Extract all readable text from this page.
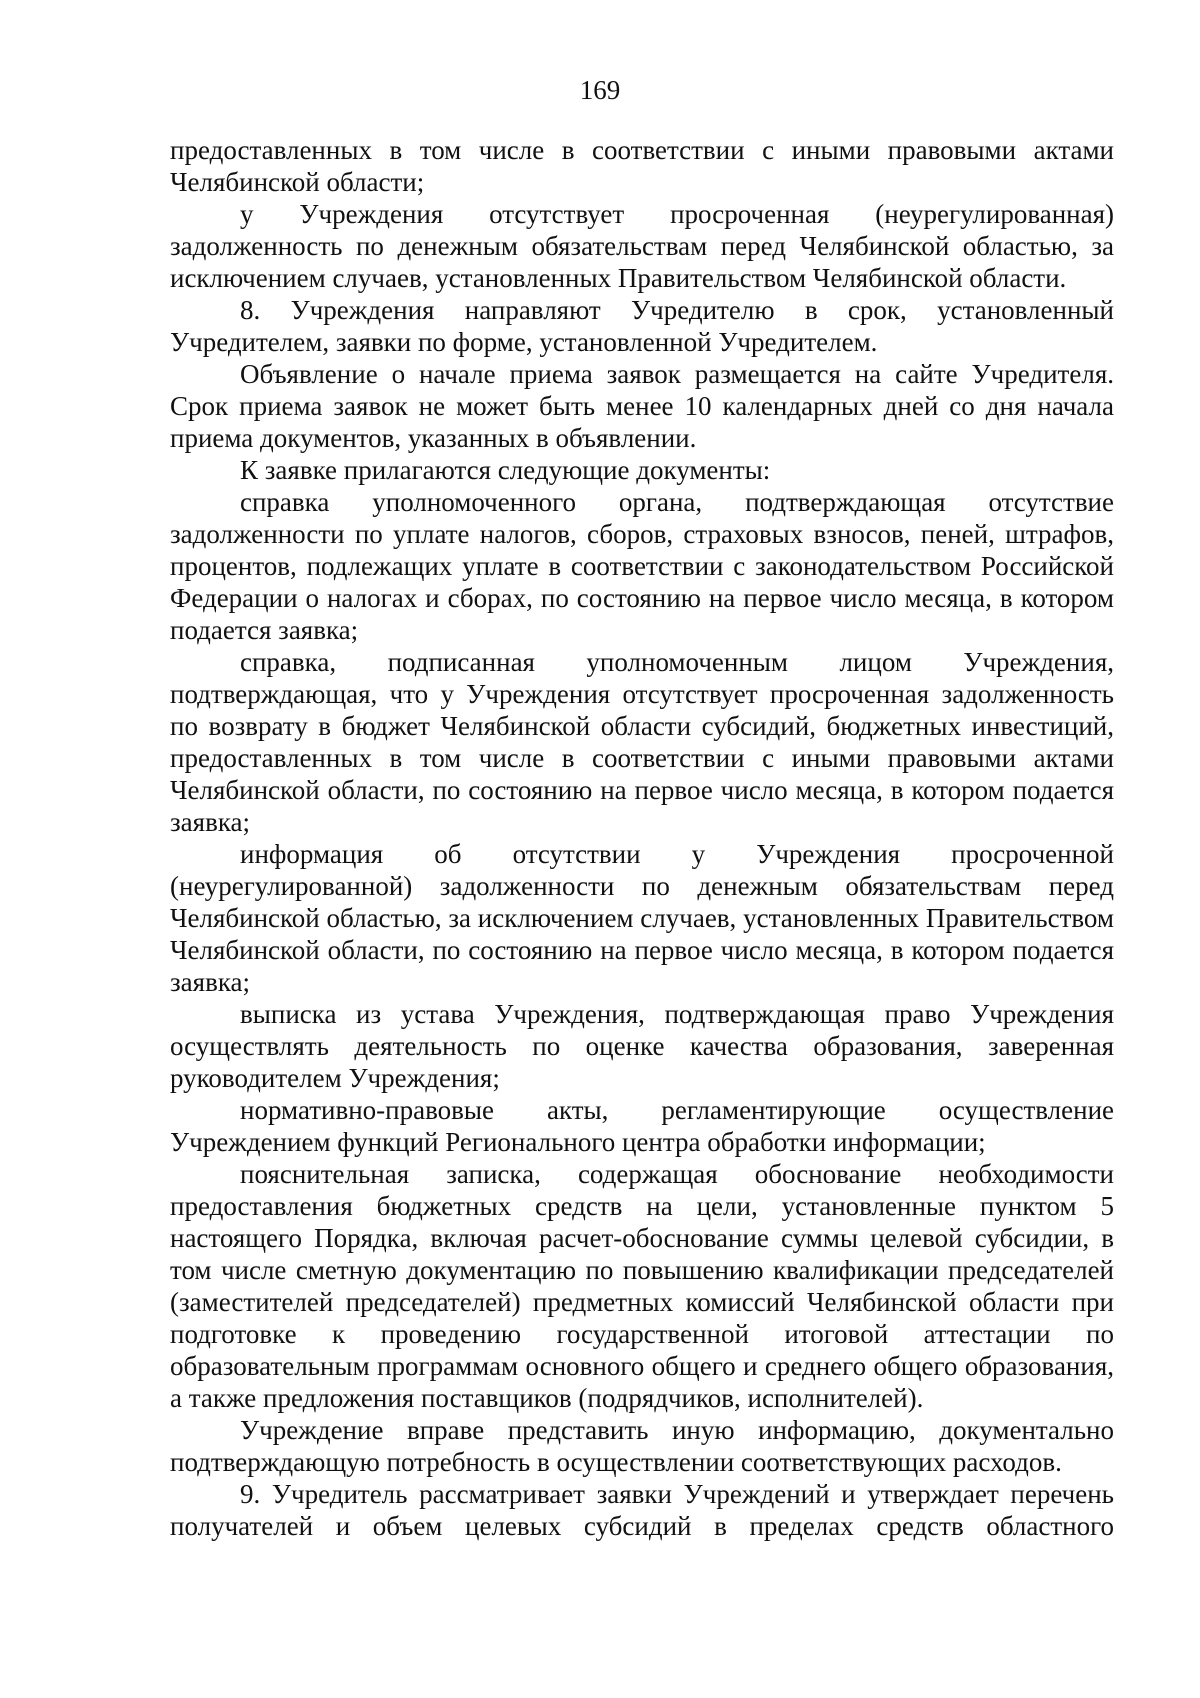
169

предоставленных в том числе в соответствии с иными правовыми актами Челябинской области;

у Учреждения отсутствует просроченная (неурегулированная) задолженность по денежным обязательствам перед Челябинской областью, за исключением случаев, установленных Правительством Челябинской области.

8. Учреждения направляют Учредителю в срок, установленный Учредителем, заявки по форме, установленной Учредителем.

Объявление о начале приема заявок размещается на сайте Учредителя. Срок приема заявок не может быть менее 10 календарных дней со дня начала приема документов, указанных в объявлении.

К заявке прилагаются следующие документы:

справка уполномоченного органа, подтверждающая отсутствие задолженности по уплате налогов, сборов, страховых взносов, пеней, штрафов, процентов, подлежащих уплате в соответствии с законодательством Российской Федерации о налогах и сборах, по состоянию на первое число месяца, в котором подается заявка;

справка, подписанная уполномоченным лицом Учреждения, подтверждающая, что у Учреждения отсутствует просроченная задолженность по возврату в бюджет Челябинской области субсидий, бюджетных инвестиций, предоставленных в том числе в соответствии с иными правовыми актами Челябинской области, по состоянию на первое число месяца, в котором подается заявка;

информация об отсутствии у Учреждения просроченной (неурегулированной) задолженности по денежным обязательствам перед Челябинской областью, за исключением случаев, установленных Правительством Челябинской области, по состоянию на первое число месяца, в котором подается заявка;

выписка из устава Учреждения, подтверждающая право Учреждения осуществлять деятельность по оценке качества образования, заверенная руководителем Учреждения;

нормативно-правовые акты, регламентирующие осуществление Учреждением функций Регионального центра обработки информации;

пояснительная записка, содержащая обоснование необходимости предоставления бюджетных средств на цели, установленные пунктом 5 настоящего Порядка, включая расчет-обоснование суммы целевой субсидии, в том числе сметную документацию по повышению квалификации председателей (заместителей председателей) предметных комиссий Челябинской области при подготовке к проведению государственной итоговой аттестации по образовательным программам основного общего и среднего общего образования, а также предложения поставщиков (подрядчиков, исполнителей).

Учреждение вправе представить иную информацию, документально подтверждающую потребность в осуществлении соответствующих расходов.

9. Учредитель рассматривает заявки Учреждений и утверждает перечень получателей и объем целевых субсидий в пределах средств областного
